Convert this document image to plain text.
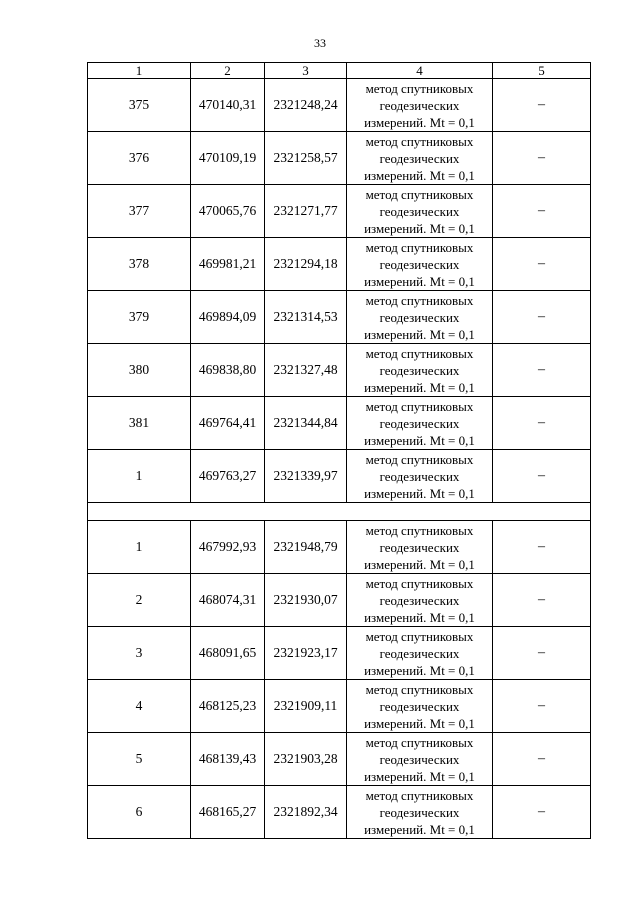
33
1	2	3	4	5
375	470140,31	2321248,24	метод спутниковых
геодезических
измерений. Mt = 0,1	–
376	470109,19	2321258,57	метод спутниковых
геодезических
измерений. Mt = 0,1	–
377	470065,76	2321271,77	метод спутниковых
геодезических
измерений. Mt = 0,1	–
378	469981,21	2321294,18	метод спутниковых
геодезических
измерений. Mt = 0,1	–
379	469894,09	2321314,53	метод спутниковых
геодезических
измерений. Mt = 0,1	–
380	469838,80	2321327,48	метод спутниковых
геодезических
измерений. Mt = 0,1	–
381	469764,41	2321344,84	метод спутниковых
геодезических
измерений. Mt = 0,1	–
1	469763,27	2321339,97	метод спутниковых
геодезических
измерений. Mt = 0,1	–

1	467992,93	2321948,79	метод спутниковых
геодезических
измерений. Mt = 0,1	–
2	468074,31	2321930,07	метод спутниковых
геодезических
измерений. Mt = 0,1	–
3	468091,65	2321923,17	метод спутниковых
геодезических
измерений. Mt = 0,1	–
4	468125,23	2321909,11	метод спутниковых
геодезических
измерений. Mt = 0,1	–
5	468139,43	2321903,28	метод спутниковых
геодезических
измерений. Mt = 0,1	–
6	468165,27	2321892,34	метод спутниковых
геодезических
измерений. Mt = 0,1	–
